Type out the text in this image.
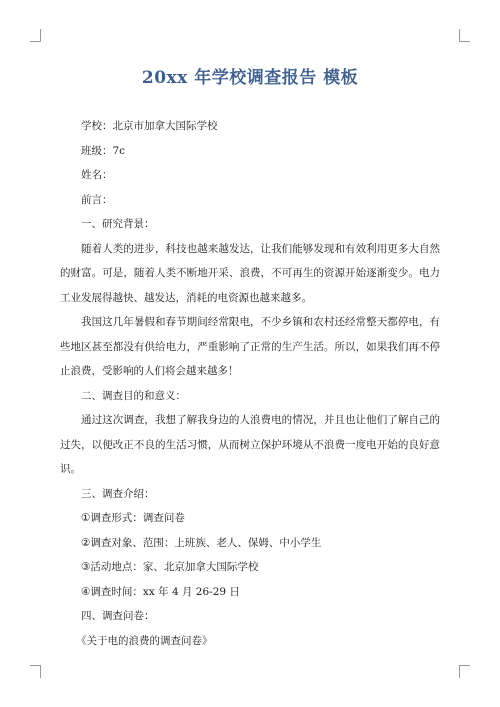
20xx 年学校调查报告 模板
学校：北京市加拿大国际学校
班级：7c
姓名：
前言：
一、研究背景：
随着人类的进步，科技也越来越发达，让我们能够发现和有效利用更多大自然的财富。可是，随着人类不断地开采、浪费，不可再生的资源开始逐渐变少。电力工业发展得越快、越发达，消耗的电资源也越来越多。
我国这几年暑假和春节期间经常限电，不少乡镇和农村还经常整天都停电，有些地区甚至都没有供给电力，严重影响了正常的生产生活。所以，如果我们再不停止浪费，受影响的人们将会越来越多！
二、调查目的和意义：
通过这次调查，我想了解我身边的人浪费电的情况，并且也让他们了解自己的过失，以便改正不良的生活习惯，从而树立保护环境从不浪费一度电开始的良好意识。
三、调查介绍：
①调查形式：调查问卷
②调查对象、范围：上班族、老人、保姆、中小学生
③活动地点：家、北京加拿大国际学校
④调查时间：xx 年 4 月 26-29 日
四、调查问卷：
《关于电的浪费的调查问卷》
